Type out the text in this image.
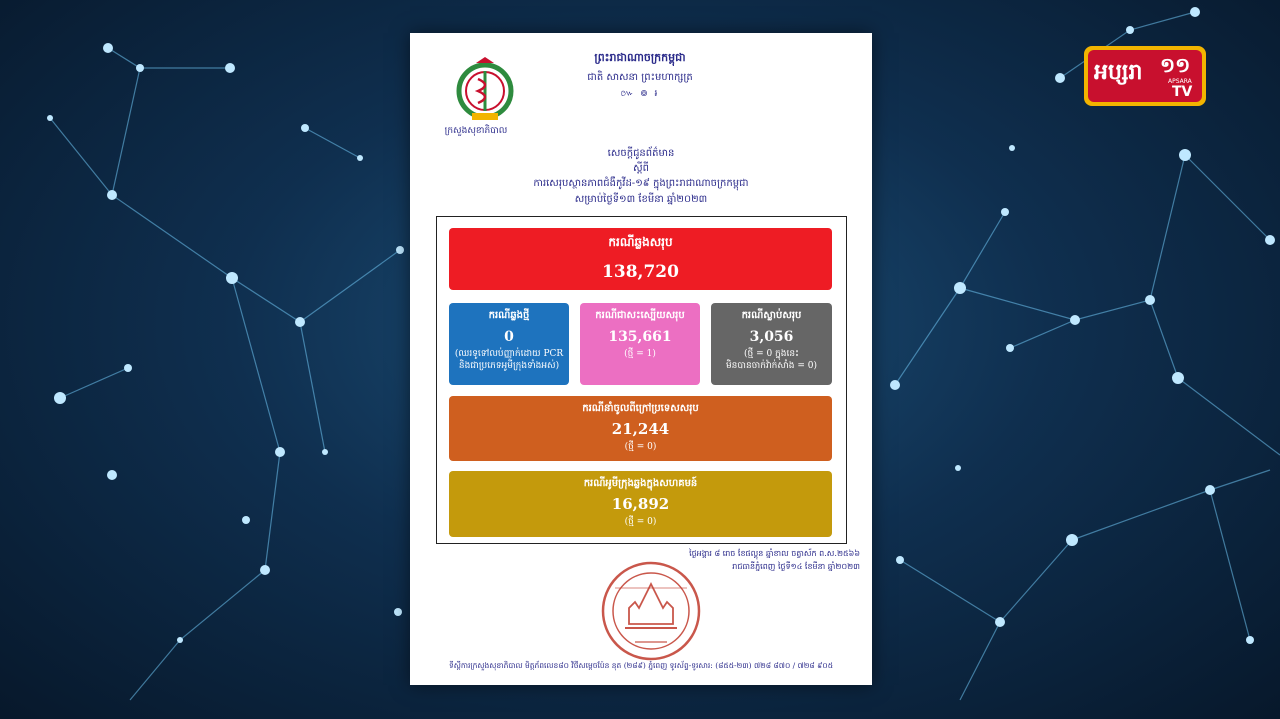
ព្រះរាជាណាចក្រកម្ពុជា
ជាតិ សាសនា ព្រះមហាក្សត្រ
៚ ៙ ៛
ក្រសួងសុខាភិបាល
សេចក្តីជូនព័ត៌មាន
ស្តីពី
ការសេរុបស្ថានភាពជំងឺកូវីដ-១៩ ក្នុងព្រះរាជាណាចក្រកម្ពុជា
សម្រាប់ថ្ងៃទី១៣ ខែមីនា ឆ្នាំ២០២៣
ករណីឆ្លងសរុប
138,720
ករណីឆ្លងថ្មី
0
(ឈរទូទៅលប់ញ្ញាក់ដោយ PCR
និងជាប្រភេទអូមីក្រុងទាំងអស់)
ករណីជាសះស្បើយសរុប
135,661
(ថ្មី = 1)
ករណីស្លាប់សរុប
3,056
(ថ្មី = 0 ក្នុងនេះ
មិនបានចាក់វ៉ាក់សាំង = 0)
ករណីនាំចូលពីក្រៅប្រទេសសរុប
21,244
(ថ្មី = 0)
ករណីអូមីក្រុងឆ្លងក្នុងសហគមន៍
16,892
(ថ្មី = 0)
ថ្ងៃអង្គារ ៨ រោច ខែផល្គុន ឆ្នាំខាល ចត្វាស័ក ព.ស.២៥៦៦
រាជធានីភ្នំពេញ ថ្ងៃទី១៤ ខែមីនា ឆ្នាំ២០២៣
ទីស្តីការក្រសួងសុខាភិបាល មិត្តភ័ពលេខ៨០ វិថីសម្តេចប៉ែន នុត (២៨៩) ភ្នំពេញ ទូរស័ព្ទ-ទូរសារ: (៨៥៥-២៣) ៧២៨ ៨៧០ / ៧២៨ ៩០៥
អប្សរា ១១
APSARA
TV
